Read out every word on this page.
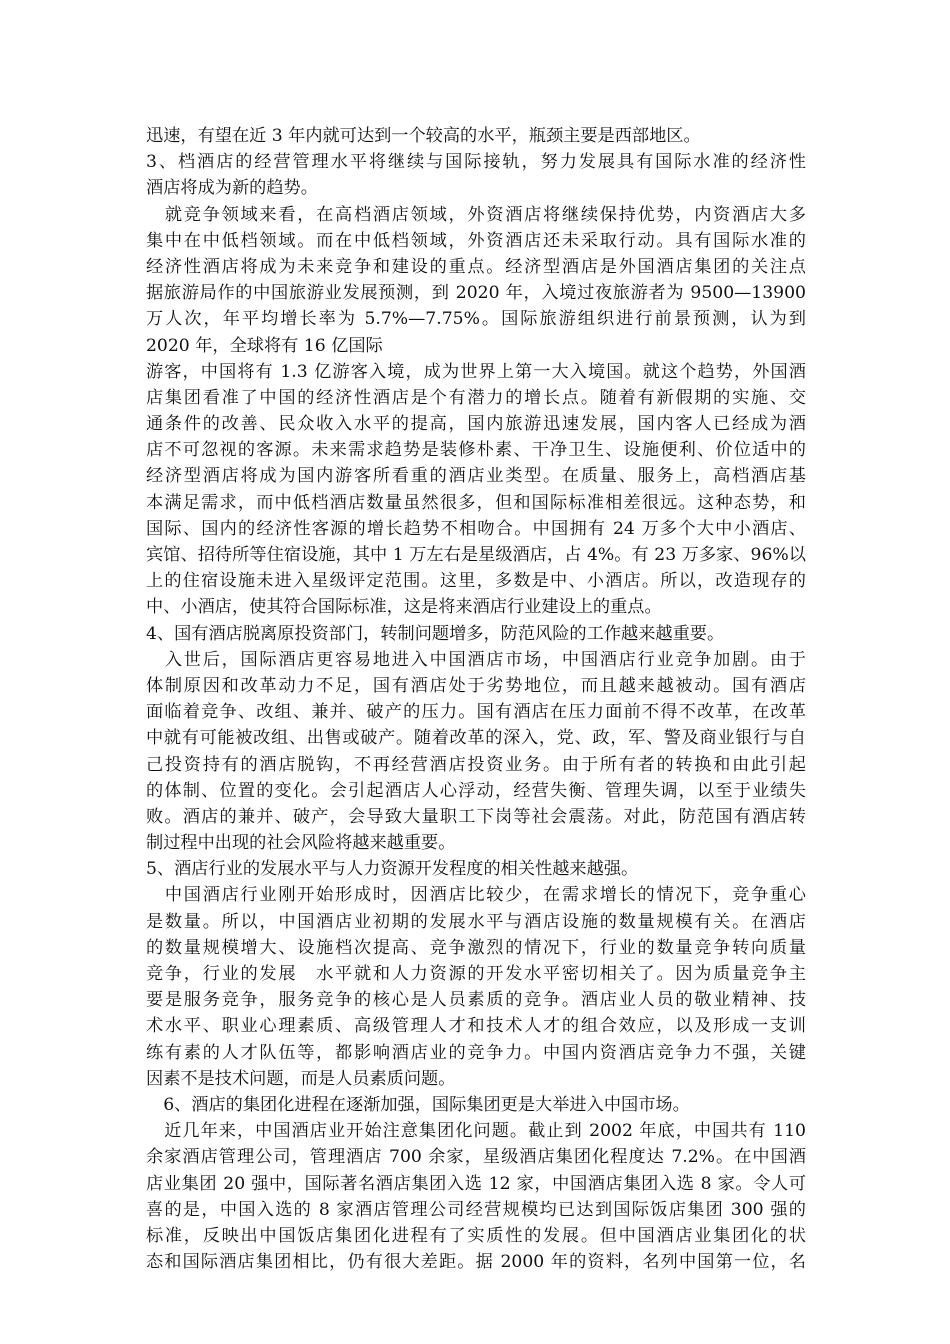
迅速，有望在近 3 年内就可达到一个较高的水平，瓶颈主要是西部地区。
3、档酒店的经营管理水平将继续与国际接轨，努力发展具有国际水准的经济性
酒店将成为新的趋势。
　就竞争领域来看，在高档酒店领域，外资酒店将继续保持优势，内资酒店大多
集中在中低档领域。而在中低档领域，外资酒店还未采取行动。具有国际水准的
经济性酒店将成为未来竞争和建设的重点。经济型酒店是外国酒店集团的关注点
据旅游局作的中国旅游业发展预测，到 2020 年，入境过夜旅游者为 9500—13900
万人次，年平均增长率为 5.7%—7.75%。国际旅游组织进行前景预测，认为到
2020 年，全球将有 16 亿国际
游客，中国将有 1.3 亿游客入境，成为世界上第一大入境国。就这个趋势，外国酒
店集团看准了中国的经济性酒店是个有潜力的增长点。随着有新假期的实施、交
通条件的改善、民众收入水平的提高，国内旅游迅速发展，国内客人已经成为酒
店不可忽视的客源。未来需求趋势是装修朴素、干净卫生、设施便利、价位适中的
经济型酒店将成为国内游客所看重的酒店业类型。在质量、服务上，高档酒店基
本满足需求，而中低档酒店数量虽然很多，但和国际标准相差很远。这种态势，和
国际、国内的经济性客源的增长趋势不相吻合。中国拥有 24 万多个大中小酒店、
宾馆、招待所等住宿设施，其中 1 万左右是星级酒店，占 4%。有 23 万多家、96%以
上的住宿设施未进入星级评定范围。这里，多数是中、小酒店。所以，改造现存的
中、小酒店，使其符合国际标准，这是将来酒店行业建设上的重点。
4、国有酒店脱离原投资部门，转制问题增多，防范风险的工作越来越重要。
　入世后，国际酒店更容易地进入中国酒店市场，中国酒店行业竞争加剧。由于
体制原因和改革动力不足，国有酒店处于劣势地位，而且越来越被动。国有酒店
面临着竞争、改组、兼并、破产的压力。国有酒店在压力面前不得不改革，在改革
中就有可能被改组、出售或破产。随着改革的深入，党、政，军、警及商业银行与自
己投资持有的酒店脱钩，不再经营酒店投资业务。由于所有者的转换和由此引起
的体制、位置的变化。会引起酒店人心浮动，经营失衡、管理失调，以至于业绩失
败。酒店的兼并、破产，会导致大量职工下岗等社会震荡。对此，防范国有酒店转
制过程中出现的社会风险将越来越重要。
5、酒店行业的发展水平与人力资源开发程度的相关性越来越强。
　中国酒店行业刚开始形成时，因酒店比较少，在需求增长的情况下，竞争重心
是数量。所以，中国酒店业初期的发展水平与酒店设施的数量规模有关。在酒店
的数量规模增大、设施档次提高、竞争激烈的情况下，行业的数量竞争转向质量
竞争，行业的发展　水平就和人力资源的开发水平密切相关了。因为质量竞争主
要是服务竞争，服务竞争的核心是人员素质的竞争。酒店业人员的敬业精神、技
术水平、职业心理素质、高级管理人才和技术人才的组合效应，以及形成一支训
练有素的人才队伍等，都影响酒店业的竞争力。中国内资酒店竞争力不强，关键
因素不是技术问题，而是人员素质问题。
　6、酒店的集团化进程在逐渐加强，国际集团更是大举进入中国市场。
　近几年来，中国酒店业开始注意集团化问题。截止到 2002 年底，中国共有 110
余家酒店管理公司，管理酒店 700 余家，星级酒店集团化程度达 7.2%。在中国酒
店业集团 20 强中，国际著名酒店集团入选 12 家，中国酒店集团入选 8 家。令人可
喜的是，中国入选的 8 家酒店管理公司经营规模均已达到国际饭店集团 300 强的
标准，反映出中国饭店集团化进程有了实质性的发展。但中国酒店业集团化的状
态和国际酒店集团相比，仍有很大差距。据 2000 年的资料，名列中国第一位，名
